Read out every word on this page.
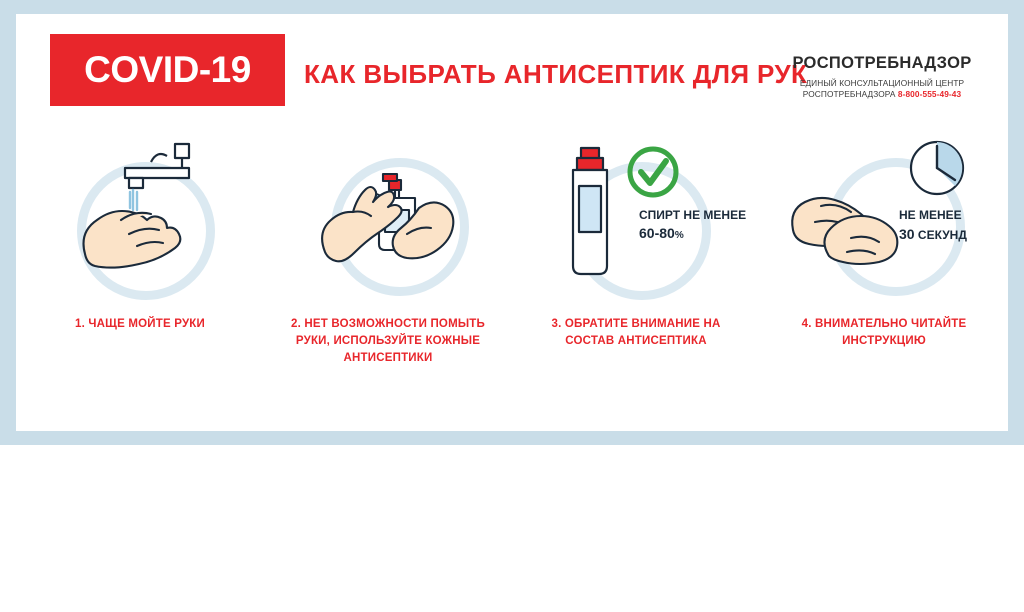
COVID-19 КАК ВЫБРАТЬ АНТИСЕПТИК ДЛЯ РУК
РОСПОТРЕБНАДЗОР
ЕДИНЫЙ КОНСУЛЬТАЦИОННЫЙ ЦЕНТР
РОСПОТРЕБНАДЗОРА 8-800-555-49-43
1. ЧАЩЕ МОЙТЕ РУКИ	2. НЕТ ВОЗМОЖНОСТИ ПОМЫТЬ РУКИ, ИСПОЛЬЗУЙТЕ КОЖНЫЕ АНТИСЕПТИКИ
СПИРТ НЕ МЕНЕЕ
60-80%
3. ОБРАТИТЕ ВНИМАНИЕ НА СОСТАВ АНТИСЕПТИКА
НЕ МЕНЕЕ
30 СЕКУНД
4. ВНИМАТЕЛЬНО ЧИТАЙТЕ ИНСТРУКЦИЮ
